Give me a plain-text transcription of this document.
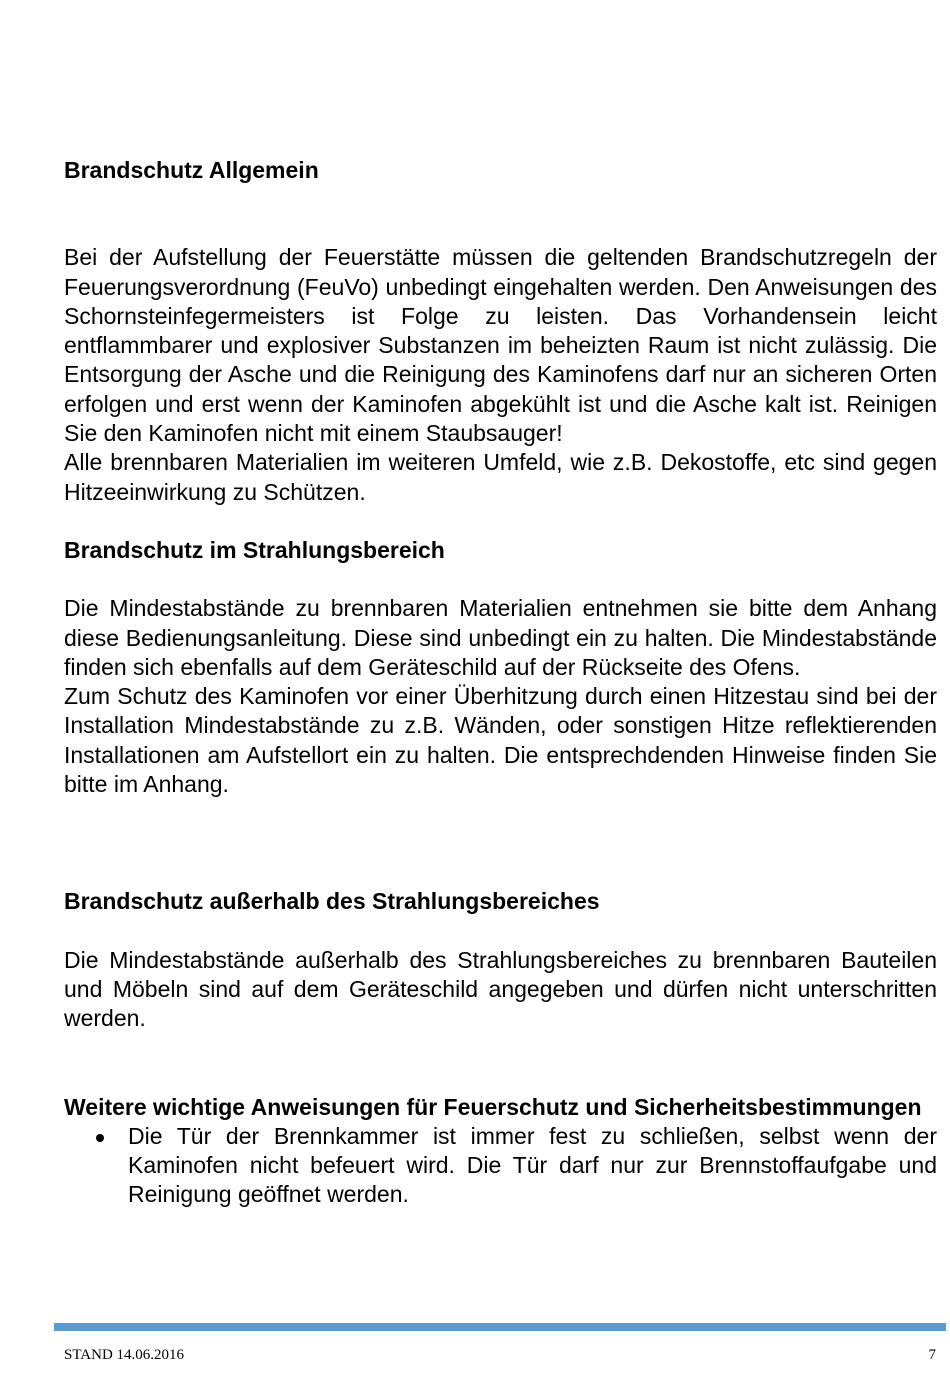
Brandschutz Allgemein

Bei der Aufstellung der Feuerstätte müssen die geltenden Brandschutzregeln der Feuerungsverordnung (FeuVo) unbedingt eingehalten werden. Den Anweisungen des Schornsteinfegermeisters ist Folge zu leisten. Das Vorhandensein leicht entflammbarer und explosiver Substanzen im beheizten Raum ist nicht zulässig. Die Entsorgung der Asche und die Reinigung des Kaminofens darf nur an sicheren Orten erfolgen und erst wenn der Kaminofen abgekühlt ist und die Asche kalt ist. Reinigen Sie den Kaminofen nicht mit einem Staubsauger!

Alle brennbaren Materialien im weiteren Umfeld, wie z.B. Dekostoffe, etc sind gegen Hitzeeinwirkung zu Schützen.

Brandschutz im Strahlungsbereich

Die Mindestabstände zu brennbaren Materialien entnehmen sie bitte dem Anhang diese Bedienungsanleitung. Diese sind unbedingt ein zu halten. Die Mindestabstände finden sich ebenfalls auf dem Geräteschild auf der Rückseite des Ofens.

Zum Schutz des Kaminofen vor einer Überhitzung durch einen Hitzestau sind bei der Installation Mindestabstände zu z.B. Wänden, oder sonstigen Hitze reflektierenden Installationen am Aufstellort ein zu halten. Die entsprechdenden Hinweise finden Sie bitte im Anhang.

Brandschutz außerhalb des Strahlungsbereiches

Die Mindestabstände außerhalb des Strahlungsbereiches zu brennbaren Bauteilen und Möbeln sind auf dem Geräteschild angegeben und dürfen nicht unterschritten werden.

Weitere wichtige Anweisungen für Feuerschutz und Sicherheitsbestimmungen

Die Tür der Brennkammer ist immer fest zu schließen, selbst wenn der Kaminofen nicht befeuert wird. Die Tür darf nur zur Brennstoffaufgabe und Reinigung geöffnet werden.
STAND 14.06.2016	7
